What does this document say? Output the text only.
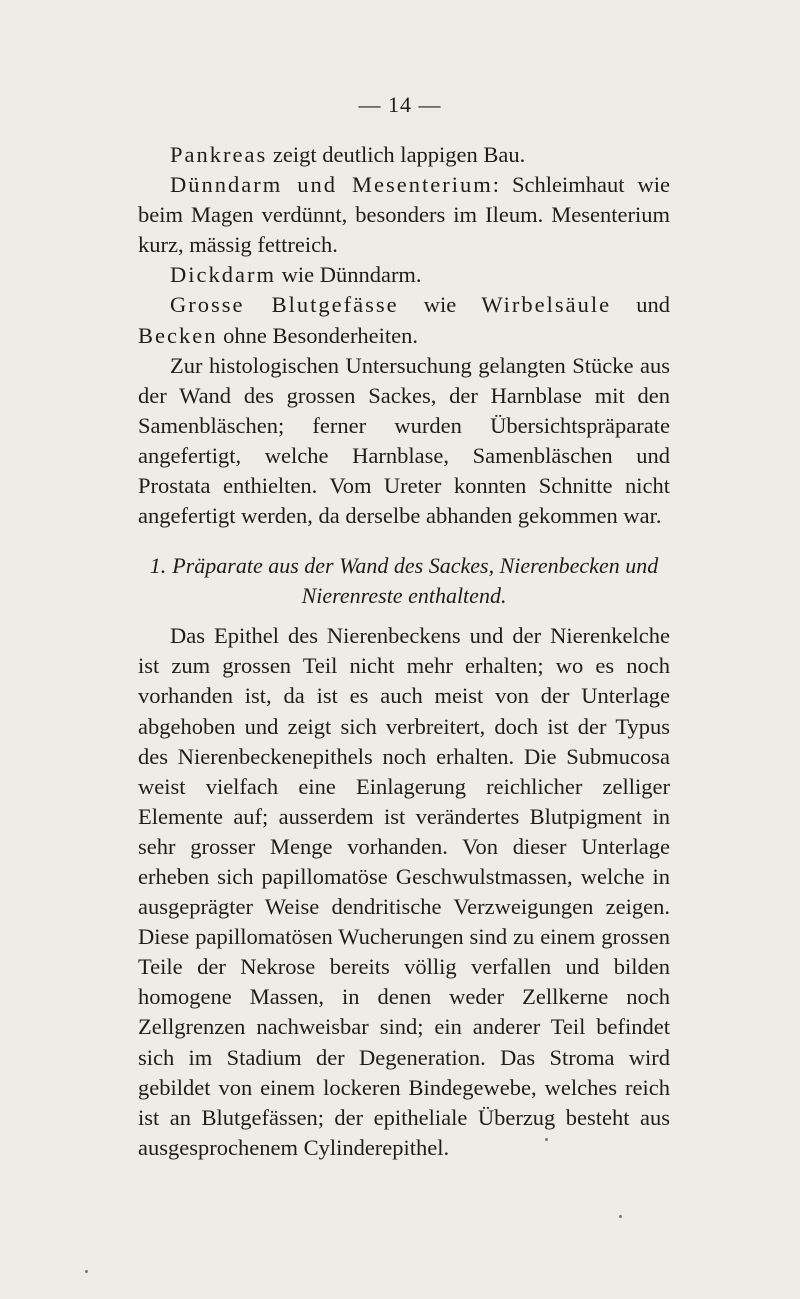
— 14 —

Pankreas zeigt deutlich lappigen Bau.

Dünndarm und Mesenterium: Schleimhaut wie beim Magen verdünnt, besonders im Ileum. Mesenterium kurz, mässig fettreich.

Dickdarm wie Dünndarm.

Grosse Blutgefässe wie Wirbelsäule und Becken ohne Besonderheiten.

Zur histologischen Untersuchung gelangten Stücke aus der Wand des grossen Sackes, der Harnblase mit den Samenbläschen; ferner wurden Übersichtspräparate angefertigt, welche Harnblase, Samenbläschen und Prostata enthielten. Vom Ureter konnten Schnitte nicht angefertigt werden, da derselbe abhanden gekommen war.

1. Präparate aus der Wand des Sackes, Nierenbecken und Nierenreste enthaltend.

Das Epithel des Nierenbeckens und der Nierenkelche ist zum grossen Teil nicht mehr erhalten; wo es noch vorhanden ist, da ist es auch meist von der Unterlage abgehoben und zeigt sich verbreitert, doch ist der Typus des Nierenbeckenepithels noch erhalten. Die Submucosa weist vielfach eine Einlagerung reichlicher zelliger Elemente auf; ausserdem ist verändertes Blutpigment in sehr grosser Menge vorhanden. Von dieser Unterlage erheben sich papillomatöse Geschwulstmassen, welche in ausgeprägter Weise dendritische Verzweigungen zeigen. Diese papillomatösen Wucherungen sind zu einem grossen Teile der Nekrose bereits völlig verfallen und bilden homogene Massen, in denen weder Zellkerne noch Zellgrenzen nachweisbar sind; ein anderer Teil befindet sich im Stadium der Degeneration. Das Stroma wird gebildet von einem lockeren Bindegewebe, welches reich ist an Blutgefässen; der epitheliale Überzug besteht aus ausgesprochenem Cylinderepithel.
